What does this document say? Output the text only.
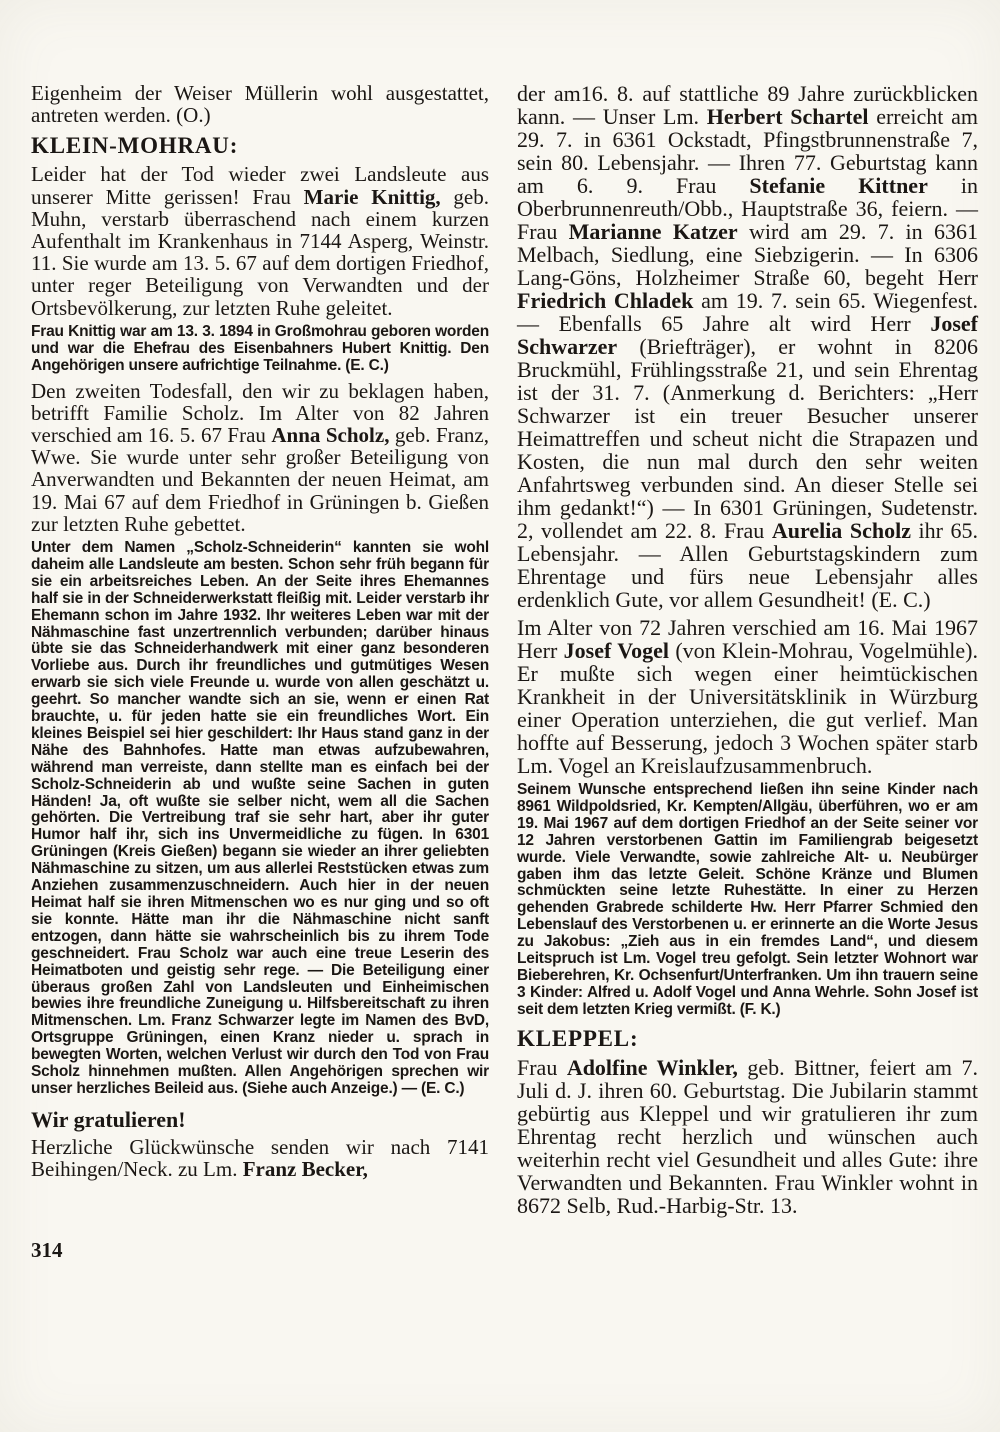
Eigenheim der Weiser Müllerin wohl ausgestattet, antreten werden. (O.)

KLEIN-MOHRAU:

Leider hat der Tod wieder zwei Landsleute aus unserer Mitte gerissen! Frau Marie Knittig, geb. Muhn, verstarb überraschend nach einem kurzen Aufenthalt im Krankenhaus in 7144 Asperg, Weinstr. 11. Sie wurde am 13. 5. 67 auf dem dortigen Friedhof, unter reger Beteiligung von Verwandten und der Ortsbevölkerung, zur letzten Ruhe geleitet.

Frau Knittig war am 13. 3. 1894 in Großmohrau geboren worden und war die Ehefrau des Eisenbahners Hubert Knittig. Den Angehörigen unsere aufrichtige Teilnahme. (E. C.)

Den zweiten Todesfall, den wir zu beklagen haben, betrifft Familie Scholz. Im Alter von 82 Jahren verschied am 16. 5. 67 Frau Anna Scholz, geb. Franz, Wwe. Sie wurde unter sehr großer Beteiligung von Anverwandten und Bekannten der neuen Heimat, am 19. Mai 67 auf dem Friedhof in Grüningen b. Gießen zur letzten Ruhe gebettet.

Unter dem Namen „Scholz-Schneiderin“ kannten sie wohl daheim alle Landsleute am besten. Schon sehr früh begann für sie ein arbeitsreiches Leben. An der Seite ihres Ehemannes half sie in der Schneiderwerkstatt fleißig mit. Leider verstarb ihr Ehemann schon im Jahre 1932. Ihr weiteres Leben war mit der Nähmaschine fast unzertrennlich verbunden; darüber hinaus übte sie das Schneiderhandwerk mit einer ganz besonderen Vorliebe aus. Durch ihr freundliches und gutmütiges Wesen erwarb sie sich viele Freunde u. wurde von allen geschätzt u. geehrt. So mancher wandte sich an sie, wenn er einen Rat brauchte, u. für jeden hatte sie ein freundliches Wort. Ein kleines Beispiel sei hier geschildert: Ihr Haus stand ganz in der Nähe des Bahnhofes. Hatte man etwas aufzubewahren, während man verreiste, dann stellte man es einfach bei der Scholz-Schneiderin ab und wußte seine Sachen in guten Händen! Ja, oft wußte sie selber nicht, wem all die Sachen gehörten. Die Vertreibung traf sie sehr hart, aber ihr guter Humor half ihr, sich ins Unvermeidliche zu fügen. In 6301 Grüningen (Kreis Gießen) begann sie wieder an ihrer geliebten Nähmaschine zu sitzen, um aus allerlei Reststücken etwas zum Anziehen zusammenzuschneidern. Auch hier in der neuen Heimat half sie ihren Mitmenschen wo es nur ging und so oft sie konnte. Hätte man ihr die Nähmaschine nicht sanft entzogen, dann hätte sie wahrscheinlich bis zu ihrem Tode geschneidert. Frau Scholz war auch eine treue Leserin des Heimatboten und geistig sehr rege. — Die Beteiligung einer überaus großen Zahl von Landsleuten und Einheimischen bewies ihre freundliche Zuneigung u. Hilfsbereitschaft zu ihren Mitmenschen. Lm. Franz Schwarzer legte im Namen des BvD, Ortsgruppe Grüningen, einen Kranz nieder u. sprach in bewegten Worten, welchen Verlust wir durch den Tod von Frau Scholz hinnehmen mußten. Allen Angehörigen sprechen wir unser herzliches Beileid aus. (Siehe auch Anzeige.) — (E. C.)

Wir gratulieren!

Herzliche Glückwünsche senden wir nach 7141 Beihingen/Neck. zu Lm. Franz Becker,

der am16. 8. auf stattliche 89 Jahre zurückblicken kann. — Unser Lm. Herbert Schartel erreicht am 29. 7. in 6361 Ockstadt, Pfingstbrunnenstraße 7, sein 80. Lebensjahr. — Ihren 77. Geburtstag kann am 6. 9. Frau Stefanie Kittner in Oberbrunnenreuth/Obb., Hauptstraße 36, feiern. — Frau Marianne Katzer wird am 29. 7. in 6361 Melbach, Siedlung, eine Siebzigerin. — In 6306 Lang-Göns, Holzheimer Straße 60, begeht Herr Friedrich Chladek am 19. 7. sein 65. Wiegenfest. — Ebenfalls 65 Jahre alt wird Herr Josef Schwarzer (Briefträger), er wohnt in 8206 Bruckmühl, Frühlingsstraße 21, und sein Ehrentag ist der 31. 7. (Anmerkung d. Berichters: „Herr Schwarzer ist ein treuer Besucher unserer Heimattreffen und scheut nicht die Strapazen und Kosten, die nun mal durch den sehr weiten Anfahrtsweg verbunden sind. An dieser Stelle sei ihm gedankt!“) — In 6301 Grüningen, Sudetenstr. 2, vollendet am 22. 8. Frau Aurelia Scholz ihr 65. Lebensjahr. — Allen Geburtstagskindern zum Ehrentage und fürs neue Lebensjahr alles erdenklich Gute, vor allem Gesundheit! (E. C.)

Im Alter von 72 Jahren verschied am 16. Mai 1967 Herr Josef Vogel (von Klein-Mohrau, Vogelmühle). Er mußte sich wegen einer heimtückischen Krankheit in der Universitätsklinik in Würzburg einer Operation unterziehen, die gut verlief. Man hoffte auf Besserung, jedoch 3 Wochen später starb Lm. Vogel an Kreislaufzusammenbruch.

Seinem Wunsche entsprechend ließen ihn seine Kinder nach 8961 Wildpoldsried, Kr. Kempten/Allgäu, überführen, wo er am 19. Mai 1967 auf dem dortigen Friedhof an der Seite seiner vor 12 Jahren verstorbenen Gattin im Familiengrab beigesetzt wurde. Viele Verwandte, sowie zahlreiche Alt- u. Neubürger gaben ihm das letzte Geleit. Schöne Kränze und Blumen schmückten seine letzte Ruhestätte. In einer zu Herzen gehenden Grabrede schilderte Hw. Herr Pfarrer Schmied den Lebenslauf des Verstorbenen u. er erinnerte an die Worte Jesus zu Jakobus: „Zieh aus in ein fremdes Land“, und diesem Leitspruch ist Lm. Vogel treu gefolgt. Sein letzter Wohnort war Bieberehren, Kr. Ochsenfurt/Unterfranken. Um ihn trauern seine 3 Kinder: Alfred u. Adolf Vogel und Anna Wehrle. Sohn Josef ist seit dem letzten Krieg vermißt. (F. K.)

KLEPPEL:

Frau Adolfine Winkler, geb. Bittner, feiert am 7. Juli d. J. ihren 60. Geburtstag. Die Jubilarin stammt gebürtig aus Kleppel und wir gratulieren ihr zum Ehrentag recht herzlich und wünschen auch weiterhin recht viel Gesundheit und alles Gute: ihre Verwandten und Bekannten. Frau Winkler wohnt in 8672 Selb, Rud.-Harbig-Str. 13.

314
